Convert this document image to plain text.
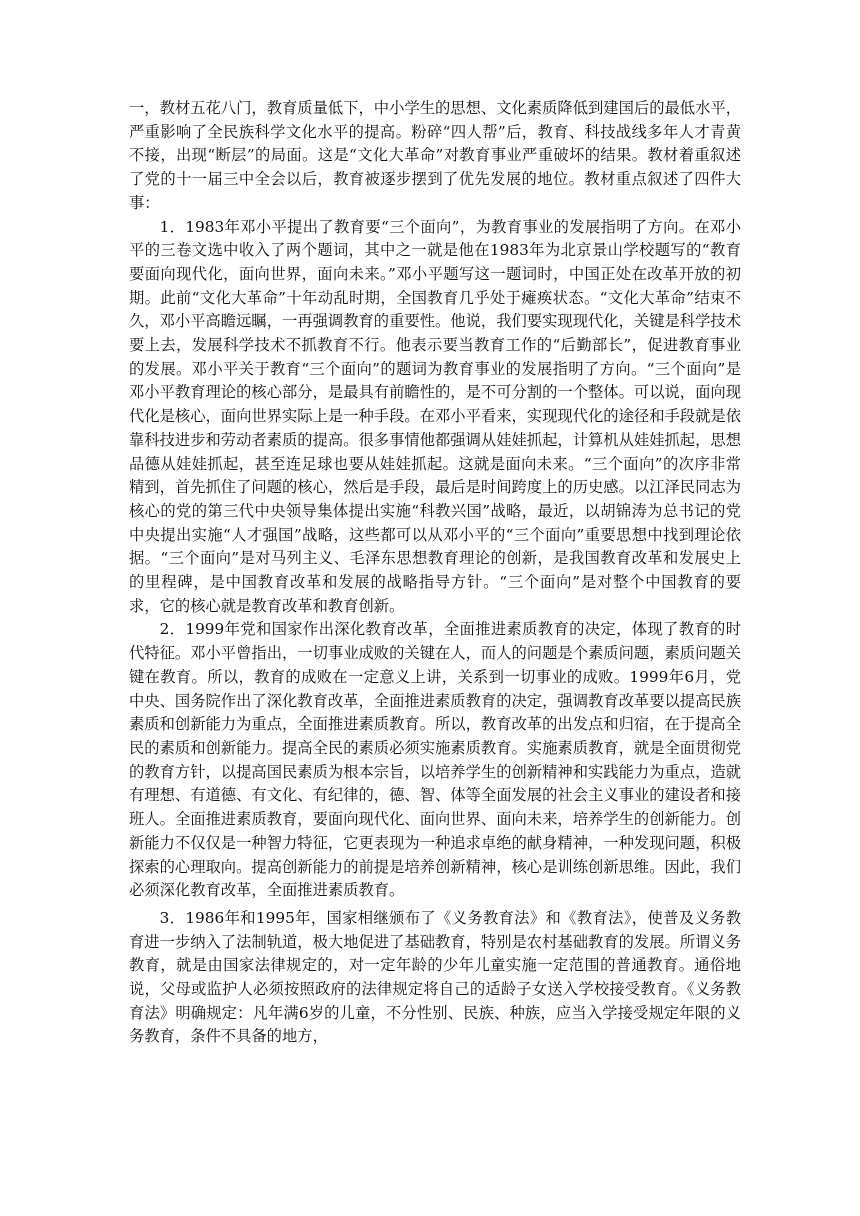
一，教材五花八门，教育质量低下，中小学生的思想、文化素质降低到建国后的最低水平，严重影响了全民族科学文化水平的提高。粉碎“四人帮”后，教育、科技战线多年人才青黄不接，出现“断层”的局面。这是“文化大革命”对教育事业严重破坏的结果。教材着重叙述了党的十一届三中全会以后，教育被逐步摆到了优先发展的地位。教材重点叙述了四件大事：

1．1983年邓小平提出了教育要“三个面向”，为教育事业的发展指明了方向。在邓小平的三卷文选中收入了两个题词，其中之一就是他在1983年为北京景山学校题写的“教育要面向现代化，面向世界，面向未来。”邓小平题写这一题词时，中国正处在改革开放的初期。此前“文化大革命”十年动乱时期，全国教育几乎处于瘫痪状态。“文化大革命”结束不久，邓小平高瞻远瞩，一再强调教育的重要性。他说，我们要实现现代化，关键是科学技术要上去，发展科学技术不抓教育不行。他表示要当教育工作的“后勤部长”，促进教育事业的发展。邓小平关于教育“三个面向”的题词为教育事业的发展指明了方向。“三个面向”是邓小平教育理论的核心部分，是最具有前瞻性的，是不可分割的一个整体。可以说，面向现代化是核心，面向世界实际上是一种手段。在邓小平看来，实现现代化的途径和手段就是依靠科技进步和劳动者素质的提高。很多事情他都强调从娃娃抓起，计算机从娃娃抓起，思想品德从娃娃抓起，甚至连足球也要从娃娃抓起。这就是面向未来。“三个面向”的次序非常精到，首先抓住了问题的核心，然后是手段，最后是时间跨度上的历史感。以江泽民同志为核心的党的第三代中央领导集体提出实施“科教兴国”战略，最近，以胡锦涛为总书记的党中央提出实施“人才强国”战略，这些都可以从邓小平的“三个面向”重要思想中找到理论依据。“三个面向”是对马列主义、毛泽东思想教育理论的创新，是我国教育改革和发展史上的里程碑，是中国教育改革和发展的战略指导方针。“三个面向”是对整个中国教育的要求，它的核心就是教育改革和教育创新。

2．1999年党和国家作出深化教育改革，全面推进素质教育的决定，体现了教育的时代特征。邓小平曾指出，一切事业成败的关键在人，而人的问题是个素质问题，素质问题关键在教育。所以，教育的成败在一定意义上讲，关系到一切事业的成败。1999年6月，党中央、国务院作出了深化教育改革，全面推进素质教育的决定，强调教育改革要以提高民族素质和创新能力为重点，全面推进素质教育。所以，教育改革的出发点和归宿，在于提高全民的素质和创新能力。提高全民的素质必须实施素质教育。实施素质教育，就是全面贯彻党的教育方针，以提高国民素质为根本宗旨，以培养学生的创新精神和实践能力为重点，造就有理想、有道德、有文化、有纪律的，德、智、体等全面发展的社会主义事业的建设者和接班人。全面推进素质教育，要面向现代化、面向世界、面向未来，培养学生的创新能力。创新能力不仅仅是一种智力特征，它更表现为一种追求卓绝的献身精神，一种发现问题，积极探索的心理取向。提高创新能力的前提是培养创新精神，核心是训练创新思维。因此，我们必须深化教育改革，全面推进素质教育。

3．1986年和1995年，国家相继颁布了《义务教育法》和《教育法》，使普及义务教育进一步纳入了法制轨道，极大地促进了基础教育，特别是农村基础教育的发展。所谓义务教育，就是由国家法律规定的，对一定年龄的少年儿童实施一定范围的普通教育。通俗地说，父母或监护人必须按照政府的法律规定将自己的适龄子女送入学校接受教育。《义务教育法》明确规定：凡年满6岁的儿童，不分性别、民族、种族，应当入学接受规定年限的义务教育，条件不具备的地方，
